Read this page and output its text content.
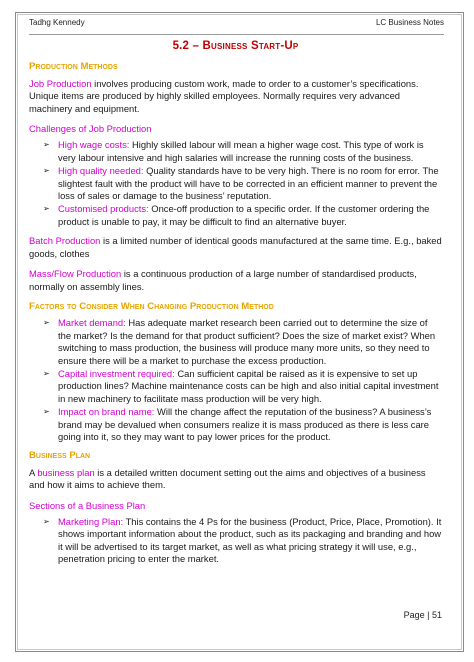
Tadhg Kennedy	LC Business Notes
5.2 – Business Start-Up
Production Methods

Job Production involves producing custom work, made to order to a customer’s specifications. Unique items are produced by highly skilled employees. Normally requires very advanced machinery and equipment.

Challenges of Job Production
➢ High wage costs: Highly skilled labour will mean a higher wage cost. This type of work is very labour intensive and high salaries will increase the running costs of the business.
➢ High quality needed: Quality standards have to be very high. There is no room for error. The slightest fault with the product will have to be corrected in an efficient manner to prevent the loss of sales or damage to the business’ reputation.
➢ Customised products: Once-off production to a specific order. If the customer ordering the product is unable to pay, it may be difficult to find an alternative buyer.

Batch Production is a limited number of identical goods manufactured at the same time. E.g., baked goods, clothes

Mass/Flow Production is a continuous production of a large number of standardised products, normally on assembly lines.

Factors to Consider When Changing Production Method
➢ Market demand: Has adequate market research been carried out to determine the size of the market? Is the demand for that product sufficient? Does the size of market exist? When switching to mass production, the business will produce many more units, so they need to ensure there will be a market to purchase the excess production.
➢ Capital investment required: Can sufficient capital be raised as it is expensive to set up production lines? Machine maintenance costs can be high and also initial capital investment in new machinery to facilitate mass production will be very high.
➢ Impact on brand name: Will the change affect the reputation of the business? A business’s brand may be devalued when consumers realize it is mass produced as there is less care going into it, so they may want to pay lower prices for the product.
Business Plan

A business plan is a detailed written document setting out the aims and objectives of a business and how it aims to achieve them.

Sections of a Business Plan
➢ Marketing Plan: This contains the 4 Ps for the business (Product, Price, Place, Promotion). It shows important information about the product, such as its packaging and branding and how it will be advertised to its target market, as well as what pricing strategy it will use, e.g., penetration pricing to enter the market.
Page | 51
